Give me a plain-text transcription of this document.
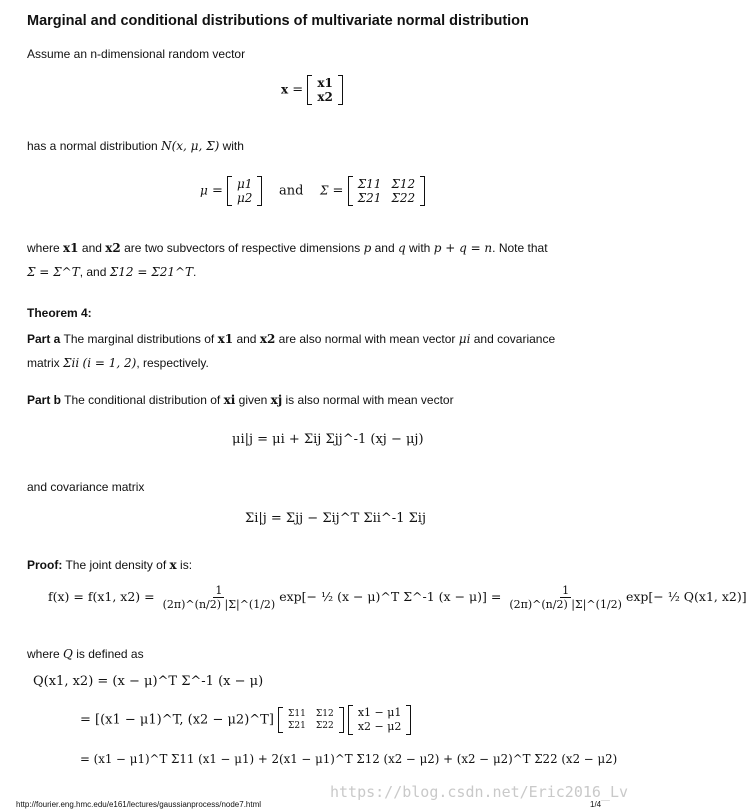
Marginal and conditional distributions of multivariate normal distribution
Assume an n-dimensional random vector
x = x1
x2
has a normal distribution N(x, μ, Σ) with
μ = μ1
μ2 and Σ = Σ11 Σ12
Σ21 Σ22
where x1 and x2 are two subvectors of respective dimensions p and q with p + q = n. Note that
Σ = Σ^T, and Σ12 = Σ21^T.
Theorem 4:
Part a The marginal distributions of x1 and x2 are also normal with mean vector μi and covariance
matrix Σii (i = 1, 2), respectively.
Part b The conditional distribution of xi given xj is also normal with mean vector
μi|j = μi + Σij Σjj^-1 (xj − μj)
and covariance matrix
Σi|j = Σjj − Σij^T Σii^-1 Σij
Proof: The joint density of x is:
f(x) = f(x1, $x2) = \frac{1}{(2\pi)\^{}(n/2) |\Sigma|\^{}(1/2)} \exp[-$ ½ (x − μ)^T Σ^-1 $(x - \mu)] = \frac{1}{(2\pi)\^{}(n/2) |\Sigma|\^{}(1/2)} \exp[-$ ½ Q(x1, x2)]
where Q is defined as
Q(x1, x2) = (x − μ)^T Σ^-1 (x − μ)
= [(x1 − μ1)^T, (x2 − μ2)^T] Σ11 Σ12
Σ21 Σ22

x1 − μ1
x2 − μ2
= (x1 − μ1)^T Σ11 (x1 − μ1) + 2(x1 − μ1)^T Σ12 (x2 − μ2) + (x2 − μ2)^T Σ22 (x2 − μ2)
https://blog.csdn.net/Eric2016_Lv
http://fourier.eng.hmc.edu/e161/lectures/gaussianprocess/node7.html	1/4
